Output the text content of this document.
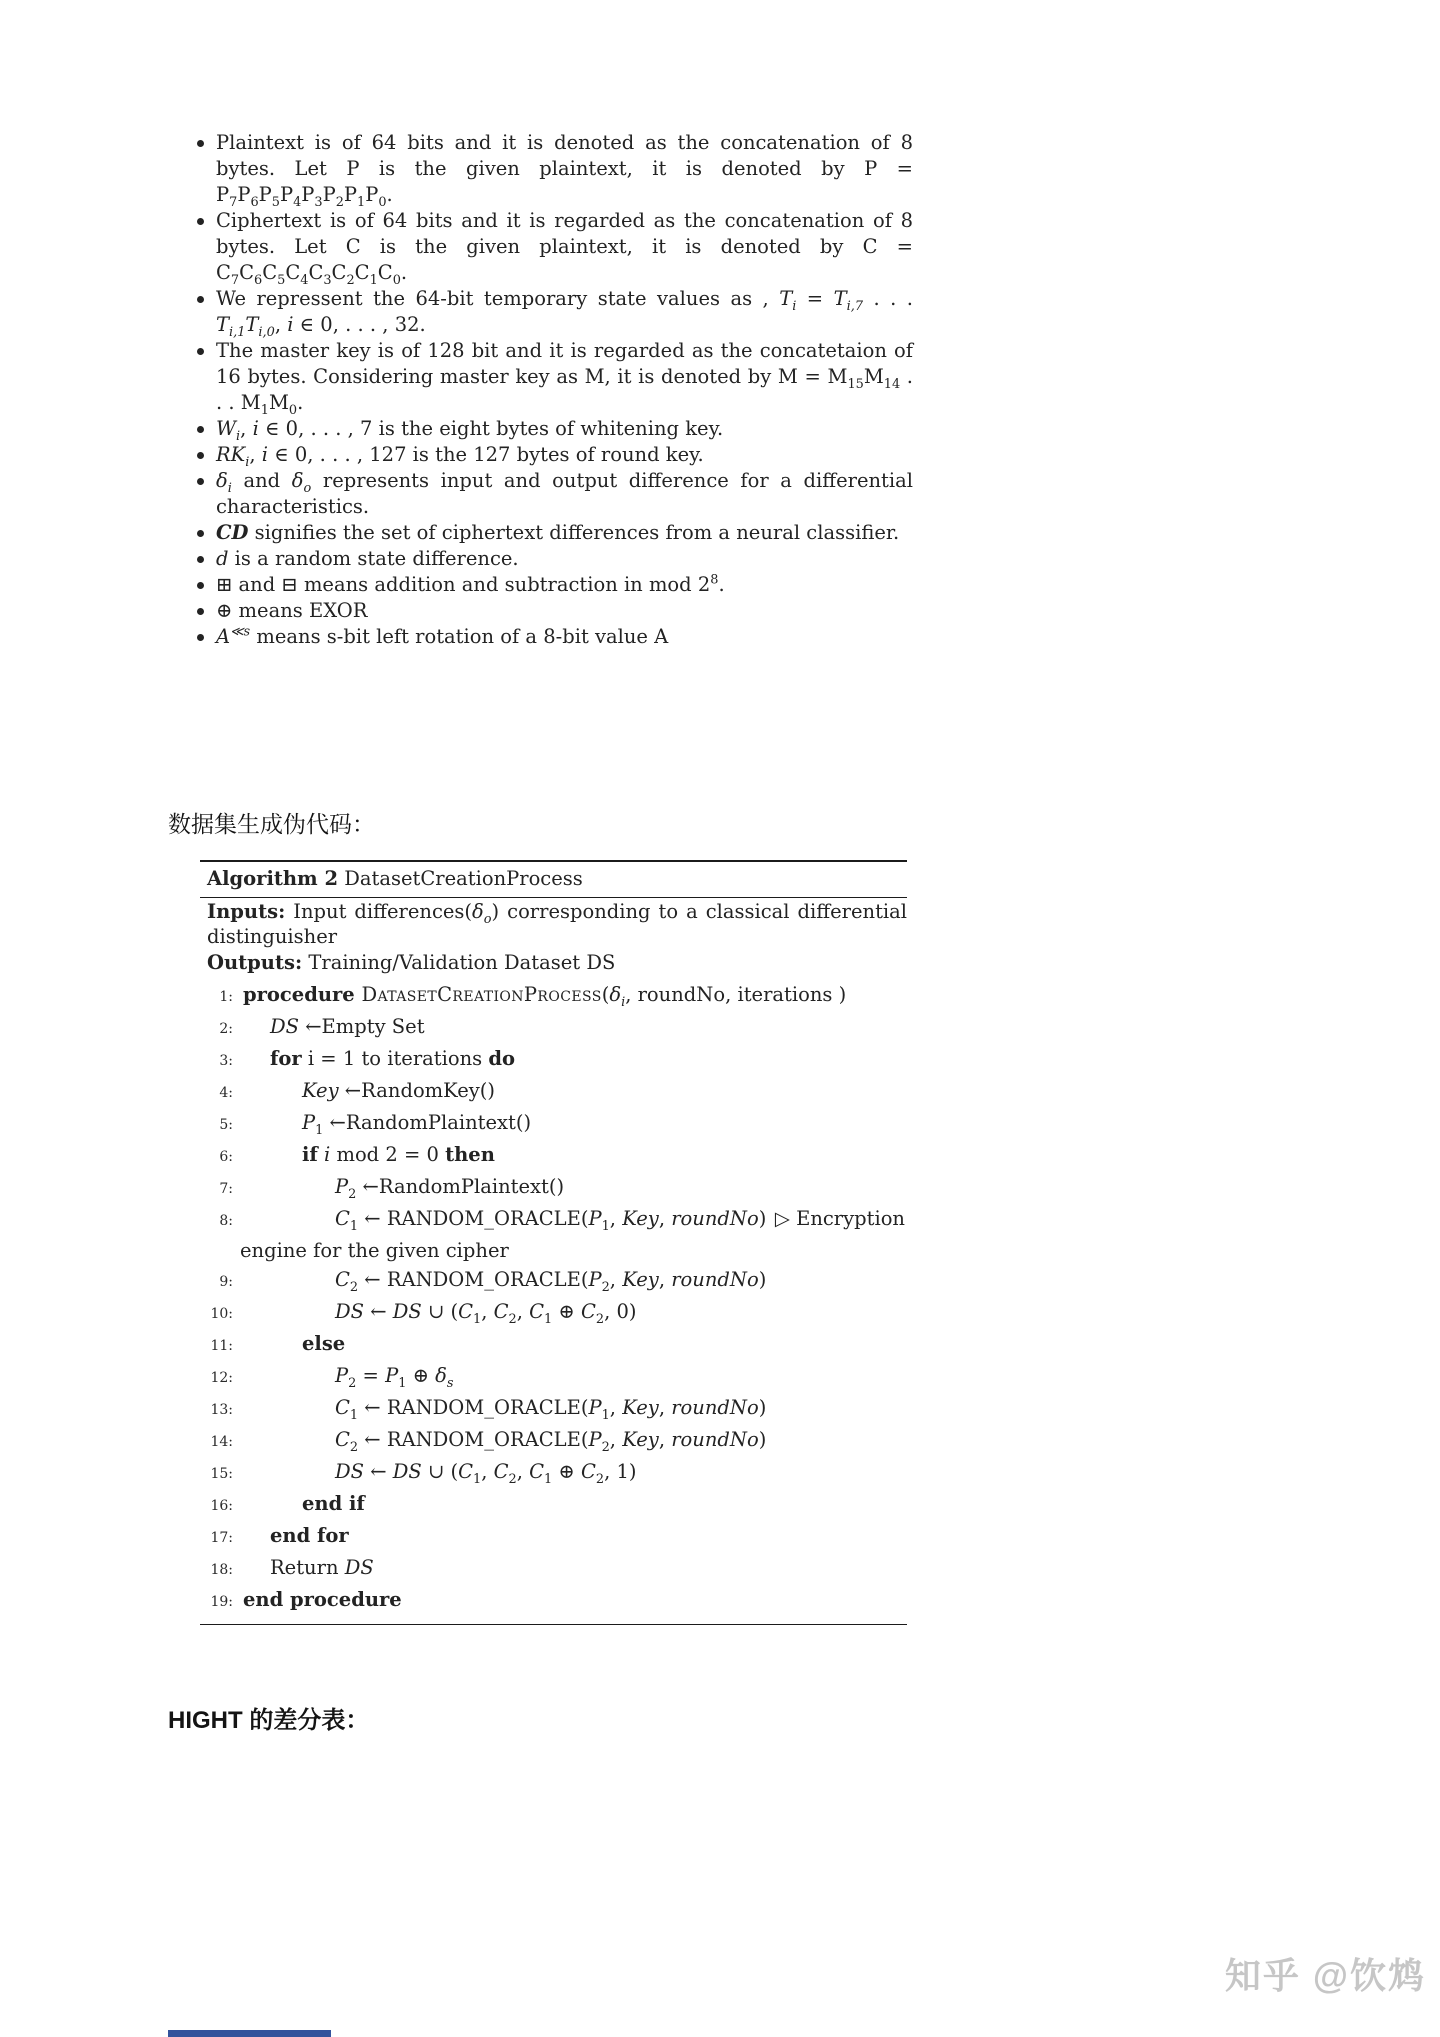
Plaintext is of 64 bits and it is denoted as the concatenation of 8 bytes. Let P is the given plaintext, it is denoted by $P = P_7P_6P_5P_4P_3P_2P_1P_0$.
Ciphertext is of 64 bits and it is regarded as the concatenation of 8 bytes. Let C is the given plaintext, it is denoted by $C = C_7C_6C_5C_4C_3C_2C_1C_0$.
We repressent the 64-bit temporary state values as , $T_i = T_{i,7}$ . . . $T_{i,1}T_{i,0}$, i ∈ 0, . . . , 32.
The master key is of 128 bit and it is regarded as the concatetaion of 16 bytes. Considering master key as M, it is denoted by $M = M_{15}M_{14}$ . . . $M_1M_0$.
$W_i$, i ∈ 0, . . . , 7 is the eight bytes of whitening key.
$RK_i$, i ∈ 0, . . . , 127 is the 127 bytes of round key.
$\delta_i$ and $\delta_o$ represents input and output difference for a differential characteristics.
CD signifies the set of ciphertext differences from a neural classifier.
d is a random state difference.
⊞ and ⊟ means addition and subtraction in mod $2^8$.
⊕ means EXOR
$A^{≪s}$ means s-bit left rotation of a 8-bit value A
数据集生成伪代码：
Algorithm 2 DatasetCreationProcess
Inputs: Input $differences(\delta_o)$ corresponding to a classical differential distinguisher
Outputs: Training/Validation Dataset DS
1: procedure $DatasetCreationProcess(\delta_i$, roundNo, iterations )
2: DS ←Empty Set
3: for i = 1 to iterations do
4:	Key ←RandomKey()
5:	$P_1$ ←RandomPlaintext()
6:	if i mod 2 = 0 then
7:	$P_2$ ←RandomPlaintext()
8:	$C_1$ ← $RANDOM\_ORACLE(P_1$, Key, roundNo) ▷ Encryption
engine for the given cipher
9:	$C_2$ ← $RANDOM\_ORACLE(P_2$, Key, roundNo)
10:	DS ← DS ∪ ($C_1$, $C_2$, $C_1$ ⊕ $C_2$, 0)
11:	else
12:	$P_2 = P_1$ ⊕ $\delta_s$
13:	$C_1$ ← $RANDOM\_ORACLE(P_1$, Key, roundNo)
14:	$C_2$ ← $RANDOM\_ORACLE(P_2$, Key, roundNo)
15:	DS ← DS ∪ ($C_1$, $C_2$, $C_1$ ⊕ $C_2$, 1)
16:	end if
17: end for
18: Return DS
19: end procedure
HIGHT 的差分表：
知乎 @饮鸩
